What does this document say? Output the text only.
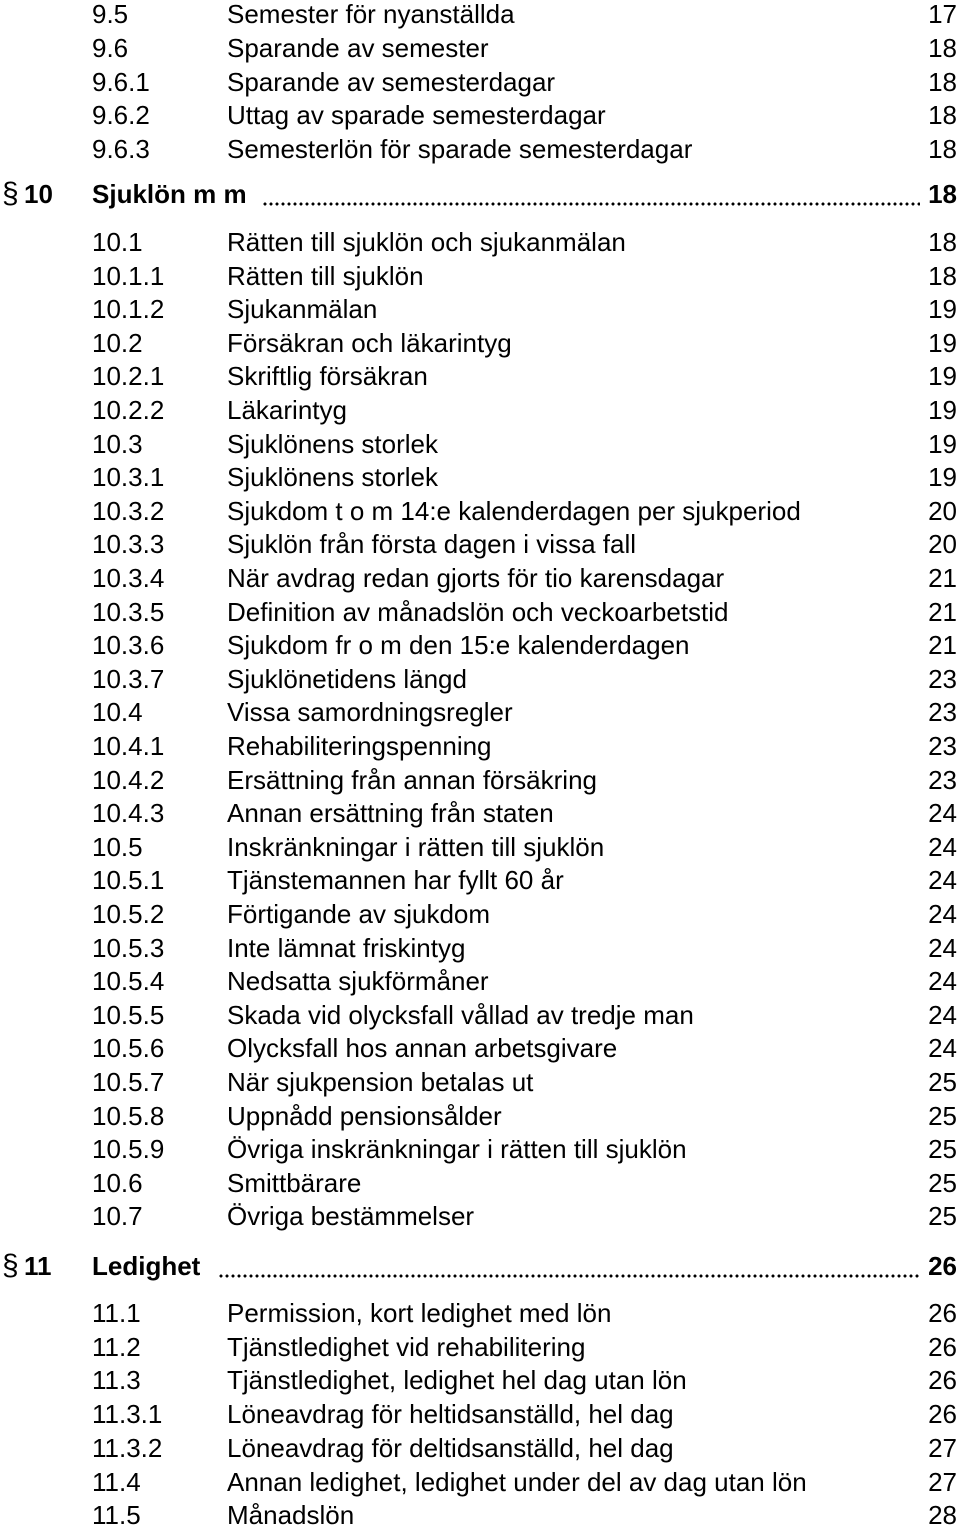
9.5	Semester för nyanställda	17
9.6	Sparande av semester	18
9.6.1	Sparande av semesterdagar	18
9.6.2	Uttag av sparade semesterdagar	18
9.6.3	Semesterlön för sparade semesterdagar	18
§ 10 Sjuklön m m	18
10.1	Rätten till sjuklön och sjukanmälan	18
10.1.1 Rätten till sjuklön	18
10.1.2 Sjukanmälan	19
10.2	Försäkran och läkarintyg	19
10.2.1 Skriftlig försäkran	19
10.2.2 Läkarintyg	19
10.3	Sjuklönens storlek	19
10.3.1 Sjuklönens storlek	19
10.3.2 Sjukdom t o m 14:e kalenderdagen per sjukperiod	20
10.3.3 Sjuklön från första dagen i vissa fall	20
10.3.4 När avdrag redan gjorts för tio karensdagar	21
10.3.5 Definition av månadslön och veckoarbetstid	21
10.3.6 Sjukdom fr o m den 15:e kalenderdagen	21
10.3.7 Sjuklönetidens längd	23
10.4	Vissa samordningsregler	23
10.4.1 Rehabiliteringspenning	23
10.4.2 Ersättning från annan försäkring	23
10.4.3 Annan ersättning från staten	24
10.5	Inskränkningar i rätten till sjuklön	24
10.5.1 Tjänstemannen har fyllt 60 år	24
10.5.2 Förtigande av sjukdom	24
10.5.3 Inte lämnat friskintyg	24
10.5.4 Nedsatta sjukförmåner	24
10.5.5 Skada vid olycksfall vållad av tredje man	24
10.5.6 Olycksfall hos annan arbetsgivare	24
10.5.7 När sjukpension betalas ut	25
10.5.8 Uppnådd pensionsålder	25
10.5.9 Övriga inskränkningar i rätten till sjuklön	25
10.6	Smittbärare	25
10.7	Övriga bestämmelser	25
§ 11 Ledighet	26
11.1	Permission, kort ledighet med lön	26
11.2	Tjänstledighet vid rehabilitering	26
11.3	Tjänstledighet, ledighet hel dag utan lön	26
11.3.1 Löneavdrag för heltidsanställd, hel dag	26
11.3.2 Löneavdrag för deltidsanställd, hel dag	27
11.4	Annan ledighet, ledighet under del av dag utan lön	27
11.5	Månadslön	28
